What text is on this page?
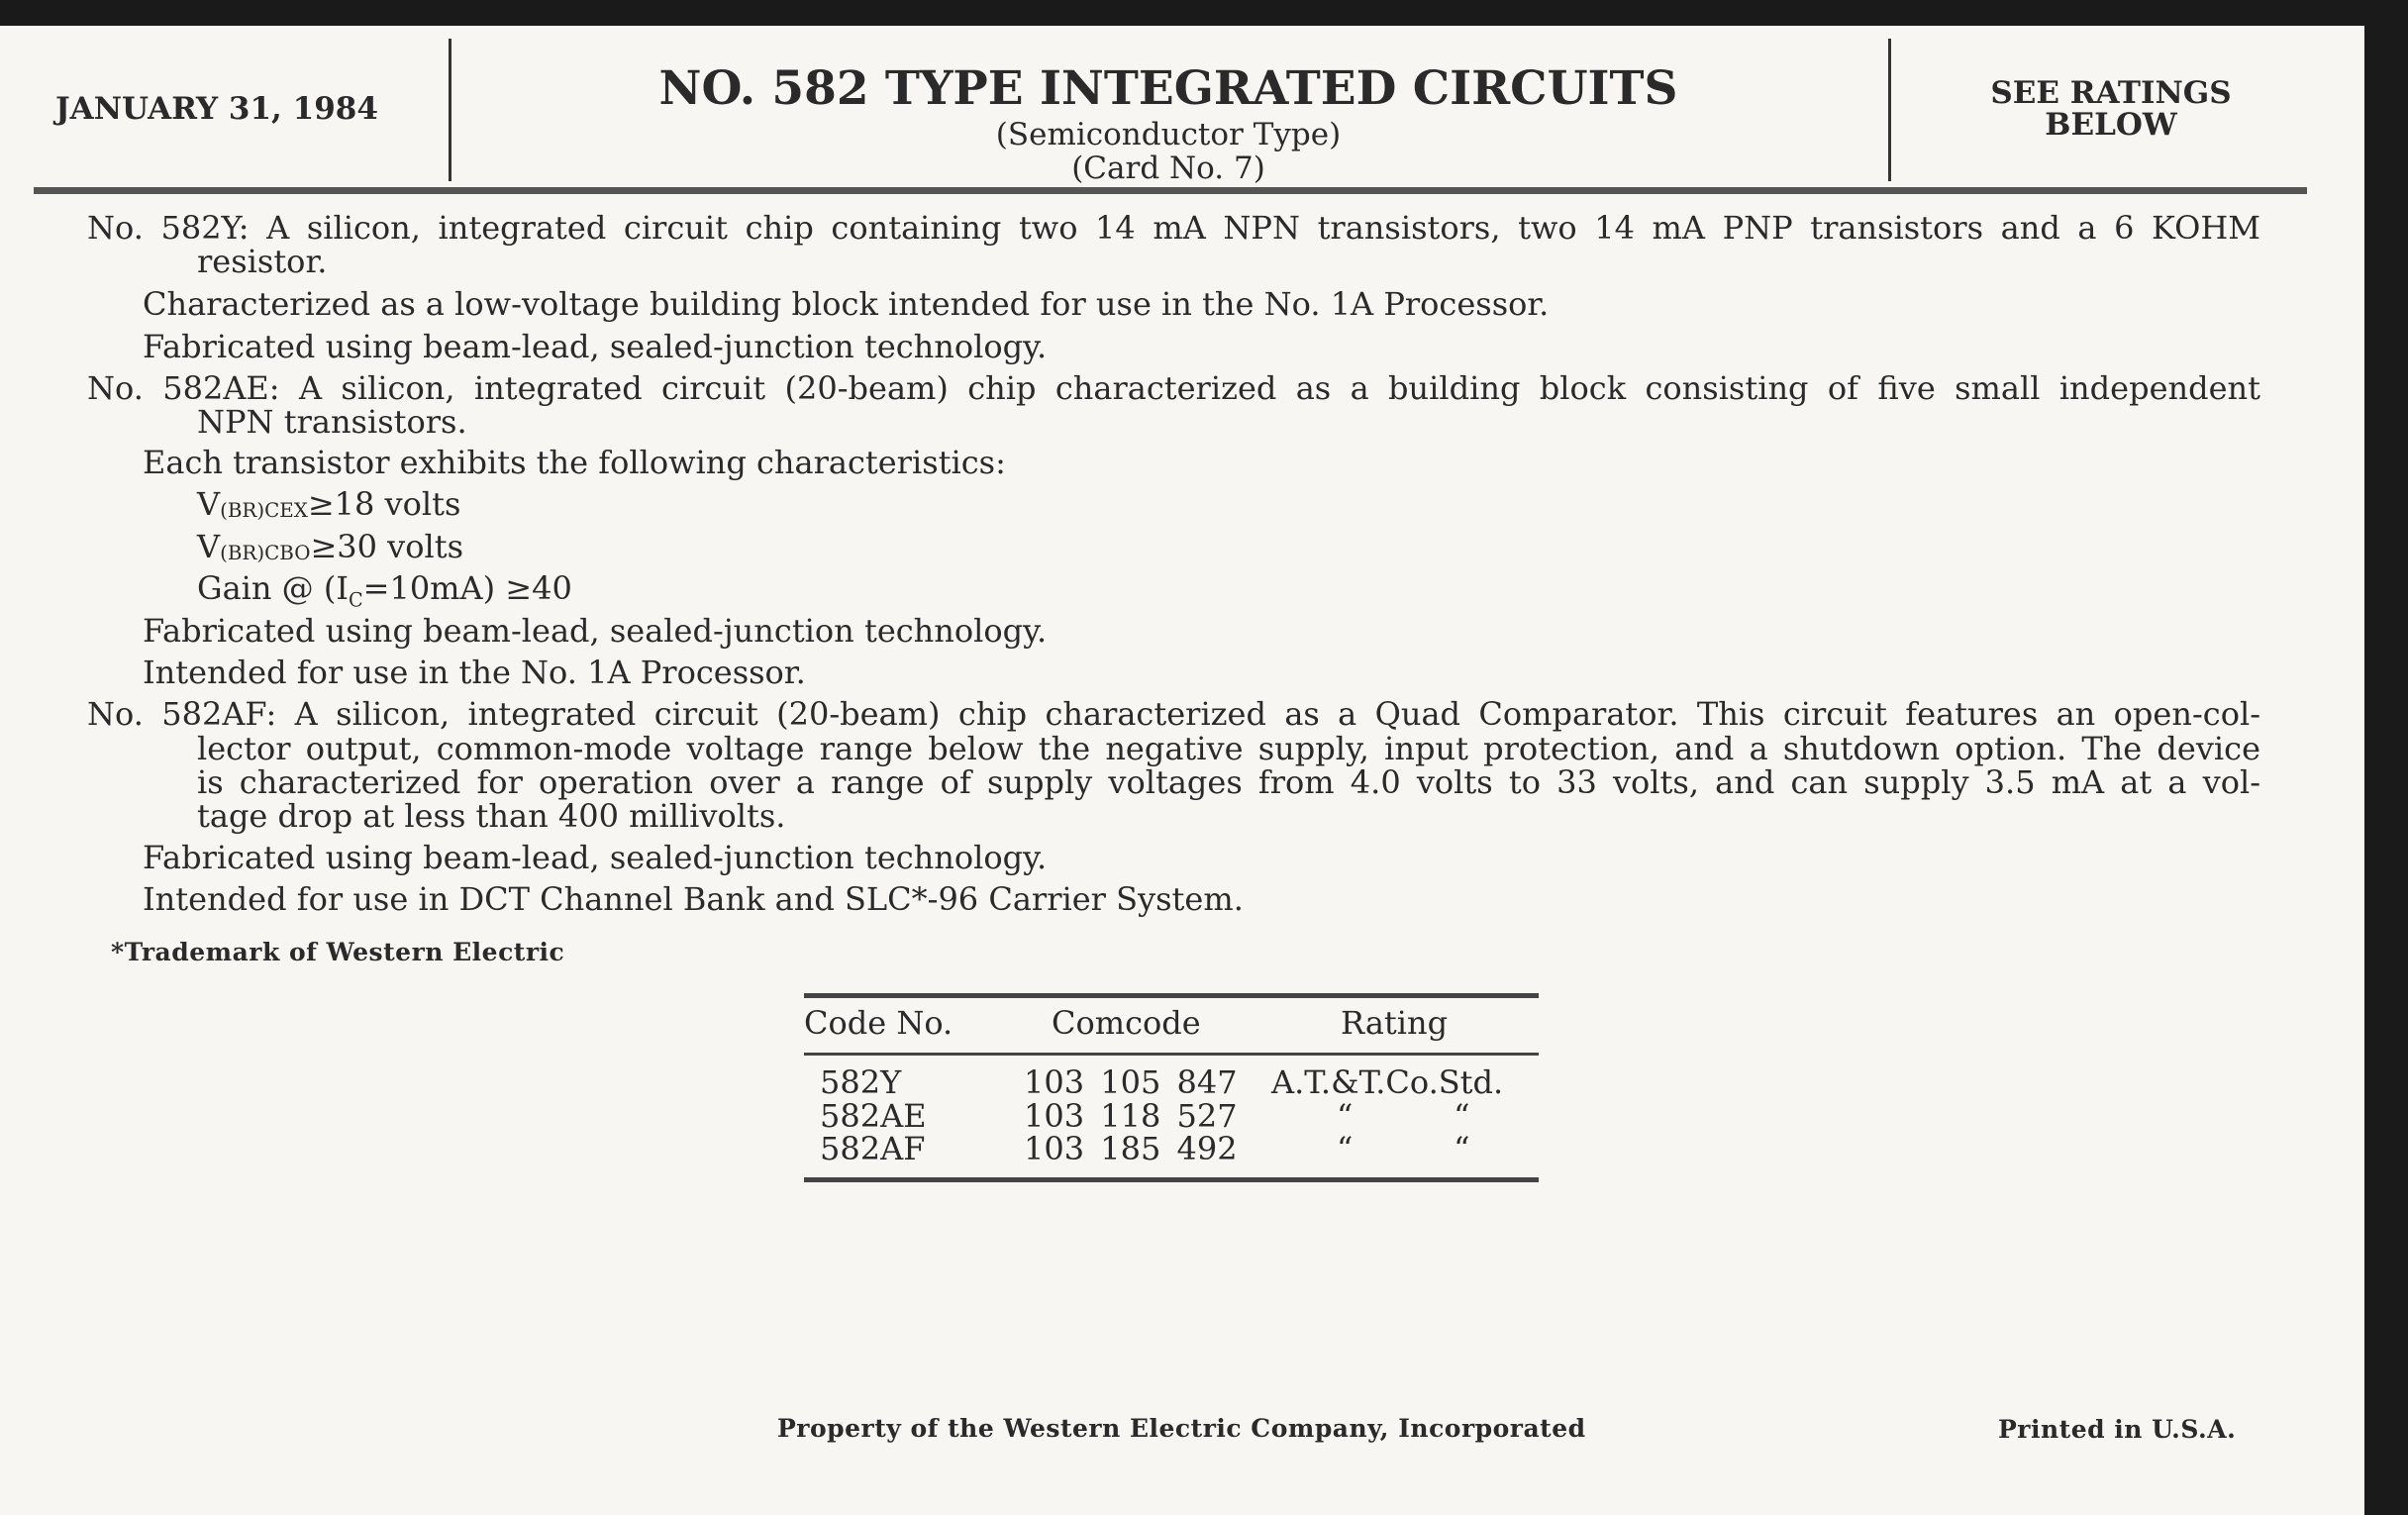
JANUARY 31, 1984	NO. 582 TYPE INTEGRATED CIRCUITS
(Semiconductor Type)
(Card No. 7)
SEE RATINGS
BELOW
No. 582Y: A silicon, integrated circuit chip containing two 14 mA NPN transistors, two 14 mA PNP transistors and a 6 KOHM
resistor.
Characterized as a low-voltage building block intended for use in the No. 1A Processor.
Fabricated using beam-lead, sealed-junction technology.
No. 582AE: A silicon, integrated circuit (20-beam) chip characterized as a building block consisting of five small independent
NPN transistors.
Each transistor exhibits the following characteristics:
V(BR)CEX≥18 volts
V(BR)CBO≥30 volts
Gain @ $(I_C=10mA) \ge 40$
Fabricated using beam-lead, sealed-junction technology.
Intended for use in the No. 1A Processor.
No. 582AF: A silicon, integrated circuit (20-beam) chip characterized as a Quad Comparator. This circuit features an open-col-
lector output, common-mode voltage range below the negative supply, input protection, and a shutdown option. The device
is characterized for operation over a range of supply voltages from 4.0 volts to 33 volts, and can supply 3.5 mA at a vol-
tage drop at less than 400 millivolts.
Fabricated using beam-lead, sealed-junction technology.
Intended for use in DCT Channel Bank and SLC*-96 Carrier System.
*Trademark of Western Electric
Code No.	Comcode	Rating
582Y	103 105 847 A.T.&T.Co.Std.
582AE	103 118 527	“          “
582AF	103 185 492	“          “
Property of the Western Electric Company, Incorporated	Printed in U.S.A.
